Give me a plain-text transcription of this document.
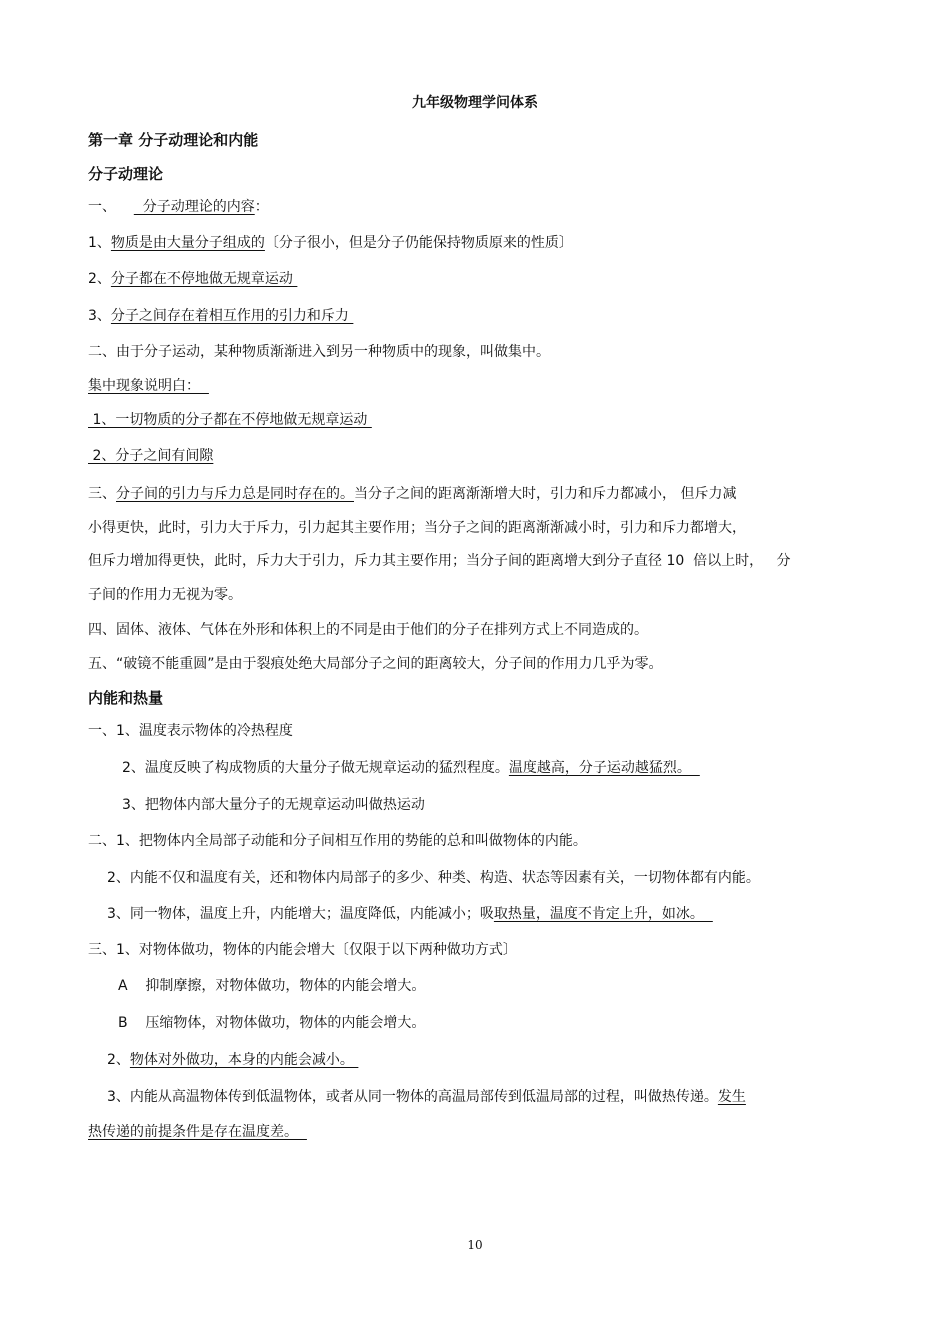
九年级物理学问体系
第一章 分子动理论和内能
分子动理论
一、      分子动理论的内容：
1、物质是由大量分子组成的〔分子很小，但是分子仍能保持物质原来的性质〕
2、分子都在不停地做无规章运动
3、分子之间存在着相互作用的引力和斥力
二、由于分子运动，某种物质渐渐进入到另一种物质中的现象，叫做集中。
集中现象说明白：
1、一切物质的分子都在不停地做无规章运动
2、分子之间有间隙
三、分子间的引力与斥力总是同时存在的。当分子之间的距离渐渐增大时，引力和斥力都减小， 但斥力减
小得更快，此时，引力大于斥力，引力起其主要作用；当分子之间的距离渐渐减小时，引力和斥力都增大，
但斥力增加得更快，此时，斥力大于引力，斥力其主要作用；当分子间的距离增大到分子直径 10  倍以上时，   分
子间的作用力无视为零。
四、固体、液体、气体在外形和体积上的不同是由于他们的分子在排列方式上不同造成的。
五、“破镜不能重圆”是由于裂痕处绝大局部分子之间的距离较大，分子间的作用力几乎为零。
内能和热量
一、1、温度表示物体的冷热程度
2、温度反映了构成物质的大量分子做无规章运动的猛烈程度。温度越高，分子运动越猛烈。
3、把物体内部大量分子的无规章运动叫做热运动
二、1、把物体内全局部子动能和分子间相互作用的势能的总和叫做物体的内能。
2、内能不仅和温度有关，还和物体内局部子的多少、种类、构造、状态等因素有关，一切物体都有内能。
3、同一物体，温度上升，内能增大；温度降低，内能减小；吸取热量，温度不肯定上升，如冰。
三、1、对物体做功，物体的内能会增大〔仅限于以下两种做功方式〕
A    抑制摩擦，对物体做功，物体的内能会增大。
B    压缩物体，对物体做功，物体的内能会增大。
2、物体对外做功，本身的内能会减小。
3、内能从高温物体传到低温物体，或者从同一物体的高温局部传到低温局部的过程，叫做热传递。发生
热传递的前提条件是存在温度差。
10
